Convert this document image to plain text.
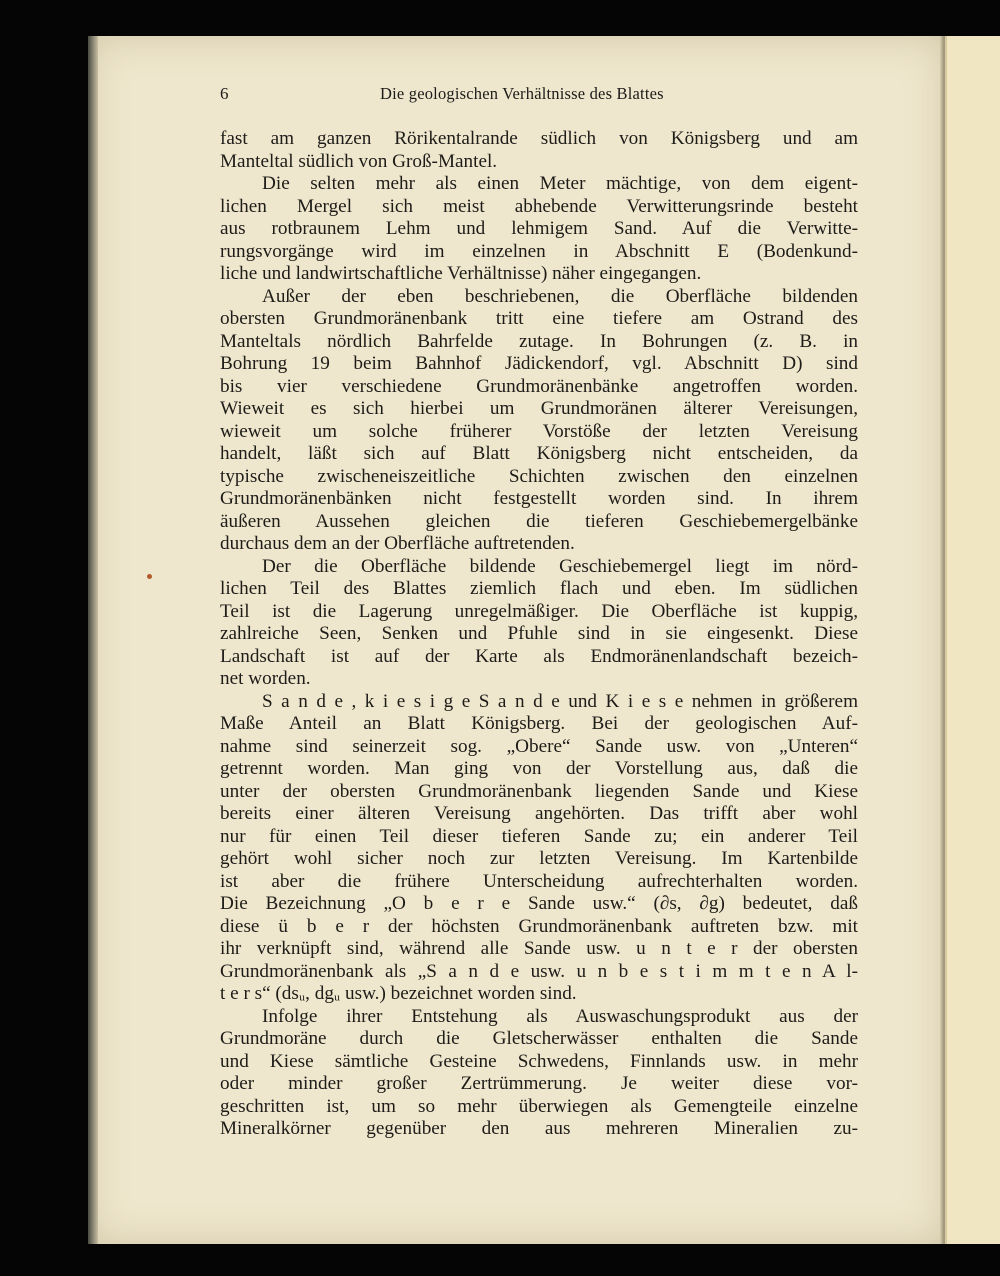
6	Die geologischen Verhältnisse des Blattes
fast am ganzen Rörikentalrande südlich von Königsberg und am
Manteltal südlich von Groß-Mantel.
Die selten mehr als einen Meter mächtige, von dem eigent-
lichen Mergel sich meist abhebende Verwitterungsrinde besteht
aus rotbraunem Lehm und lehmigem Sand. Auf die Verwitte-
rungsvorgänge wird im einzelnen in Abschnitt E (Bodenkund-
liche und landwirtschaftliche Verhältnisse) näher eingegangen.
Außer der eben beschriebenen, die Oberfläche bildenden
obersten Grundmoränenbank tritt eine tiefere am Ostrand des
Manteltals nördlich Bahrfelde zutage. In Bohrungen (z. B. in
Bohrung 19 beim Bahnhof Jädickendorf, vgl. Abschnitt D) sind
bis vier verschiedene Grundmoränenbänke angetroffen worden.
Wieweit es sich hierbei um Grundmoränen älterer Vereisungen,
wieweit um solche früherer Vorstöße der letzten Vereisung
handelt, läßt sich auf Blatt Königsberg nicht entscheiden, da
typische zwischeneiszeitliche Schichten zwischen den einzelnen
Grundmoränenbänken nicht festgestellt worden sind. In ihrem
äußeren Aussehen gleichen die tieferen Geschiebemergelbänke
durchaus dem an der Oberfläche auftretenden.
Der die Oberfläche bildende Geschiebemergel liegt im nörd-
lichen Teil des Blattes ziemlich flach und eben. Im südlichen
Teil ist die Lagerung unregelmäßiger. Die Oberfläche ist kuppig,
zahlreiche Seen, Senken und Pfuhle sind in sie eingesenkt. Diese
Landschaft ist auf der Karte als Endmoränenlandschaft bezeich-
net worden.
S a n d e , k i e s i g e S a n d e und K i e s e nehmen in größerem
Maße Anteil an Blatt Königsberg. Bei der geologischen Auf-
nahme sind seinerzeit sog. „Obere“ Sande usw. von „Unteren“
getrennt worden. Man ging von der Vorstellung aus, daß die
unter der obersten Grundmoränenbank liegenden Sande und Kiese
bereits einer älteren Vereisung angehörten. Das trifft aber wohl
nur für einen Teil dieser tieferen Sande zu; ein anderer Teil
gehört wohl sicher noch zur letzten Vereisung. Im Kartenbilde
ist aber die frühere Unterscheidung aufrechterhalten worden.
Die Bezeichnung „O b e r e Sande usw.“ (∂s, ∂g) bedeutet, daß
diese ü b e r der höchsten Grundmoränenbank auftreten bzw. mit
ihr verknüpft sind, während alle Sande usw. u n t e r der obersten
Grundmoränenbank als „S a n d e usw. u n b e s t i m m t e n A l-
t e r s“ (dsᵤ, dgᵤ usw.) bezeichnet worden sind.
Infolge ihrer Entstehung als Auswaschungsprodukt aus der
Grundmoräne durch die Gletscherwässer enthalten die Sande
und Kiese sämtliche Gesteine Schwedens, Finnlands usw. in mehr
oder minder großer Zertrümmerung. Je weiter diese vor-
geschritten ist, um so mehr überwiegen als Gemengteile einzelne
Mineralkörner gegenüber den aus mehreren Mineralien zu-
